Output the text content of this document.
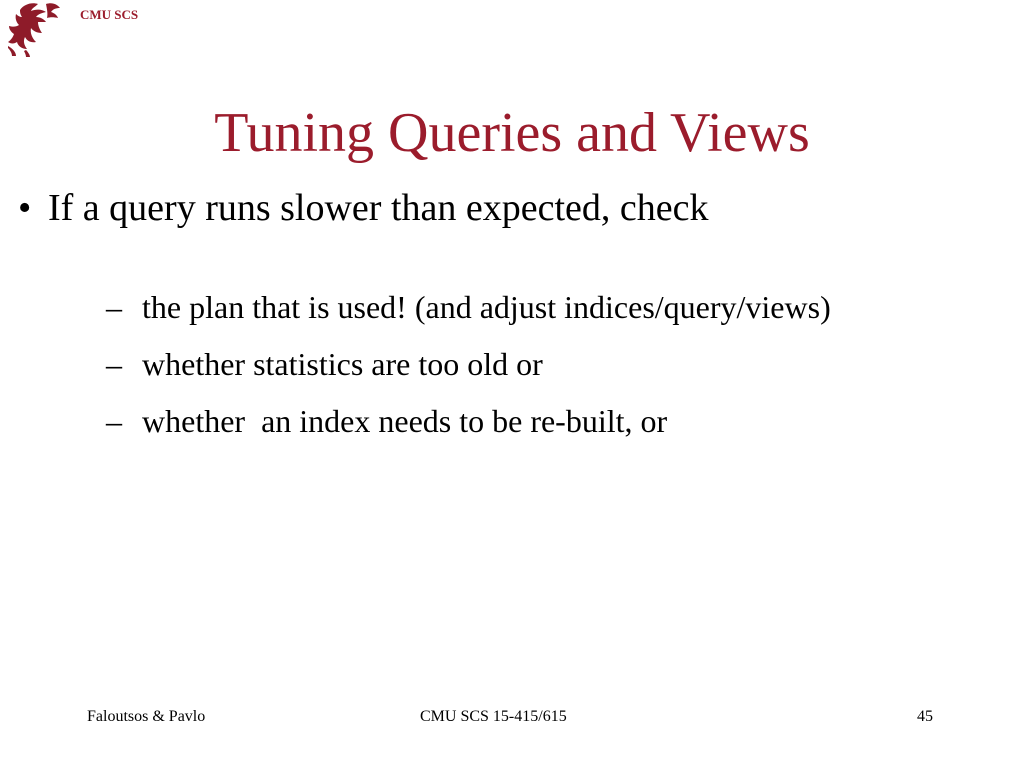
CMU SCS
Tuning Queries and Views
• If a query runs slower than expected, check

– the plan that is used! (and adjust indices/query/views)

– whether statistics are too old or

– whether  an index needs to be re-built, or

Faloutsos & Pavlo	CMU SCS 15-415/615	45
